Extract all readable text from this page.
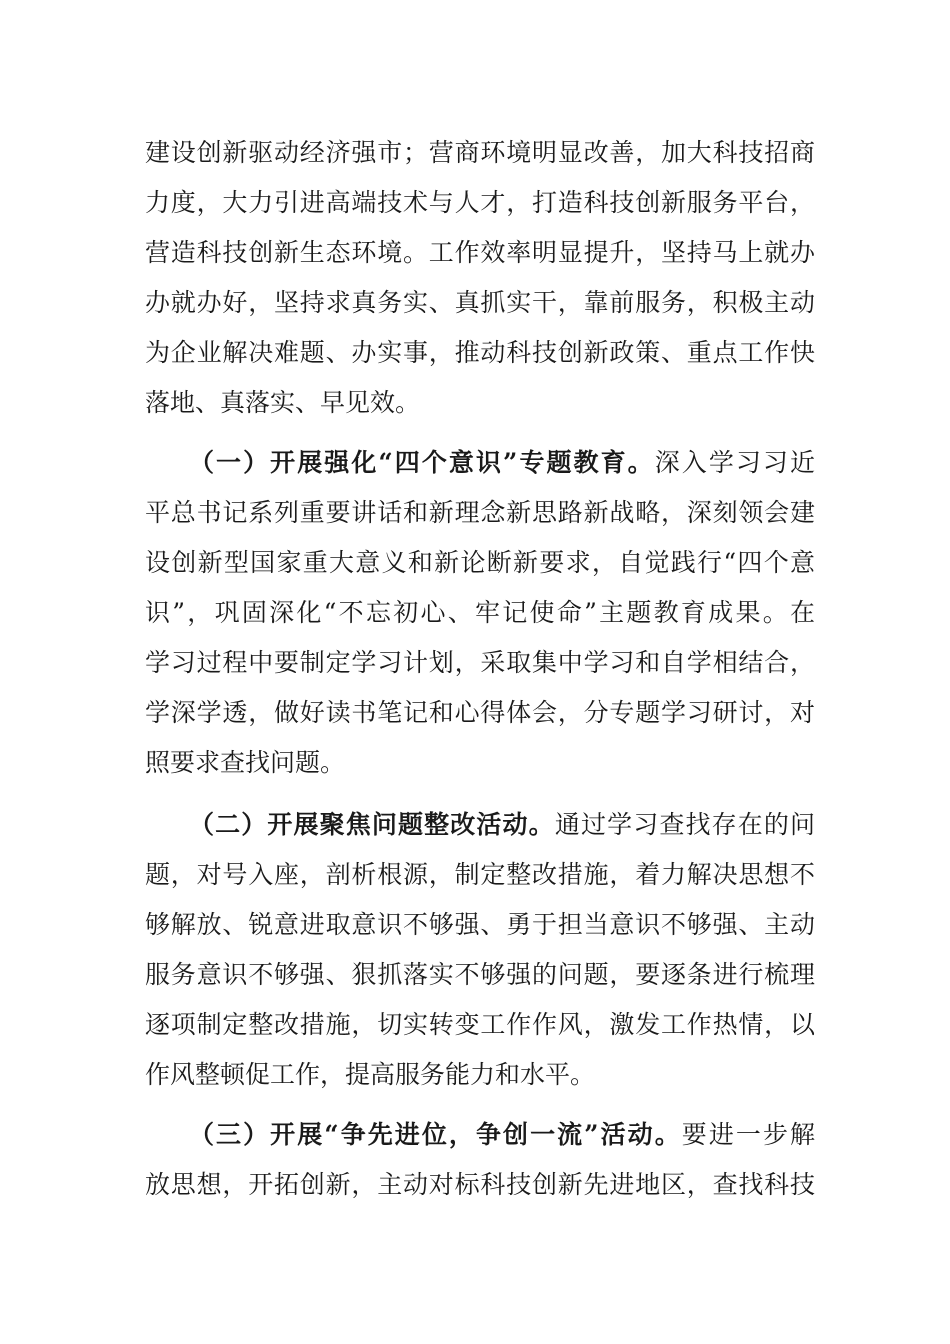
建设创新驱动经济强市；营商环境明显改善，加大科技招商
力度，大力引进高端技术与人才，打造科技创新服务平台，
营造科技创新生态环境。工作效率明显提升，坚持马上就办
办就办好，坚持求真务实、真抓实干，靠前服务，积极主动
为企业解决难题、办实事，推动科技创新政策、重点工作快
落地、真落实、早见效。
（一）开展强化“四个意识”专题教育。深入学习习近
平总书记系列重要讲话和新理念新思路新战略，深刻领会建
设创新型国家重大意义和新论断新要求，自觉践行“四个意
识”，巩固深化“不忘初心、牢记使命”主题教育成果。在
学习过程中要制定学习计划，采取集中学习和自学相结合，
学深学透，做好读书笔记和心得体会，分专题学习研讨，对
照要求查找问题。
（二）开展聚焦问题整改活动。通过学习查找存在的问
题，对号入座，剖析根源，制定整改措施，着力解决思想不
够解放、锐意进取意识不够强、勇于担当意识不够强、主动
服务意识不够强、狠抓落实不够强的问题，要逐条进行梳理
逐项制定整改措施，切实转变工作作风，激发工作热情，以
作风整顿促工作，提高服务能力和水平。
（三）开展“争先进位，争创一流”活动。要进一步解
放思想，开拓创新，主动对标科技创新先进地区，查找科技
